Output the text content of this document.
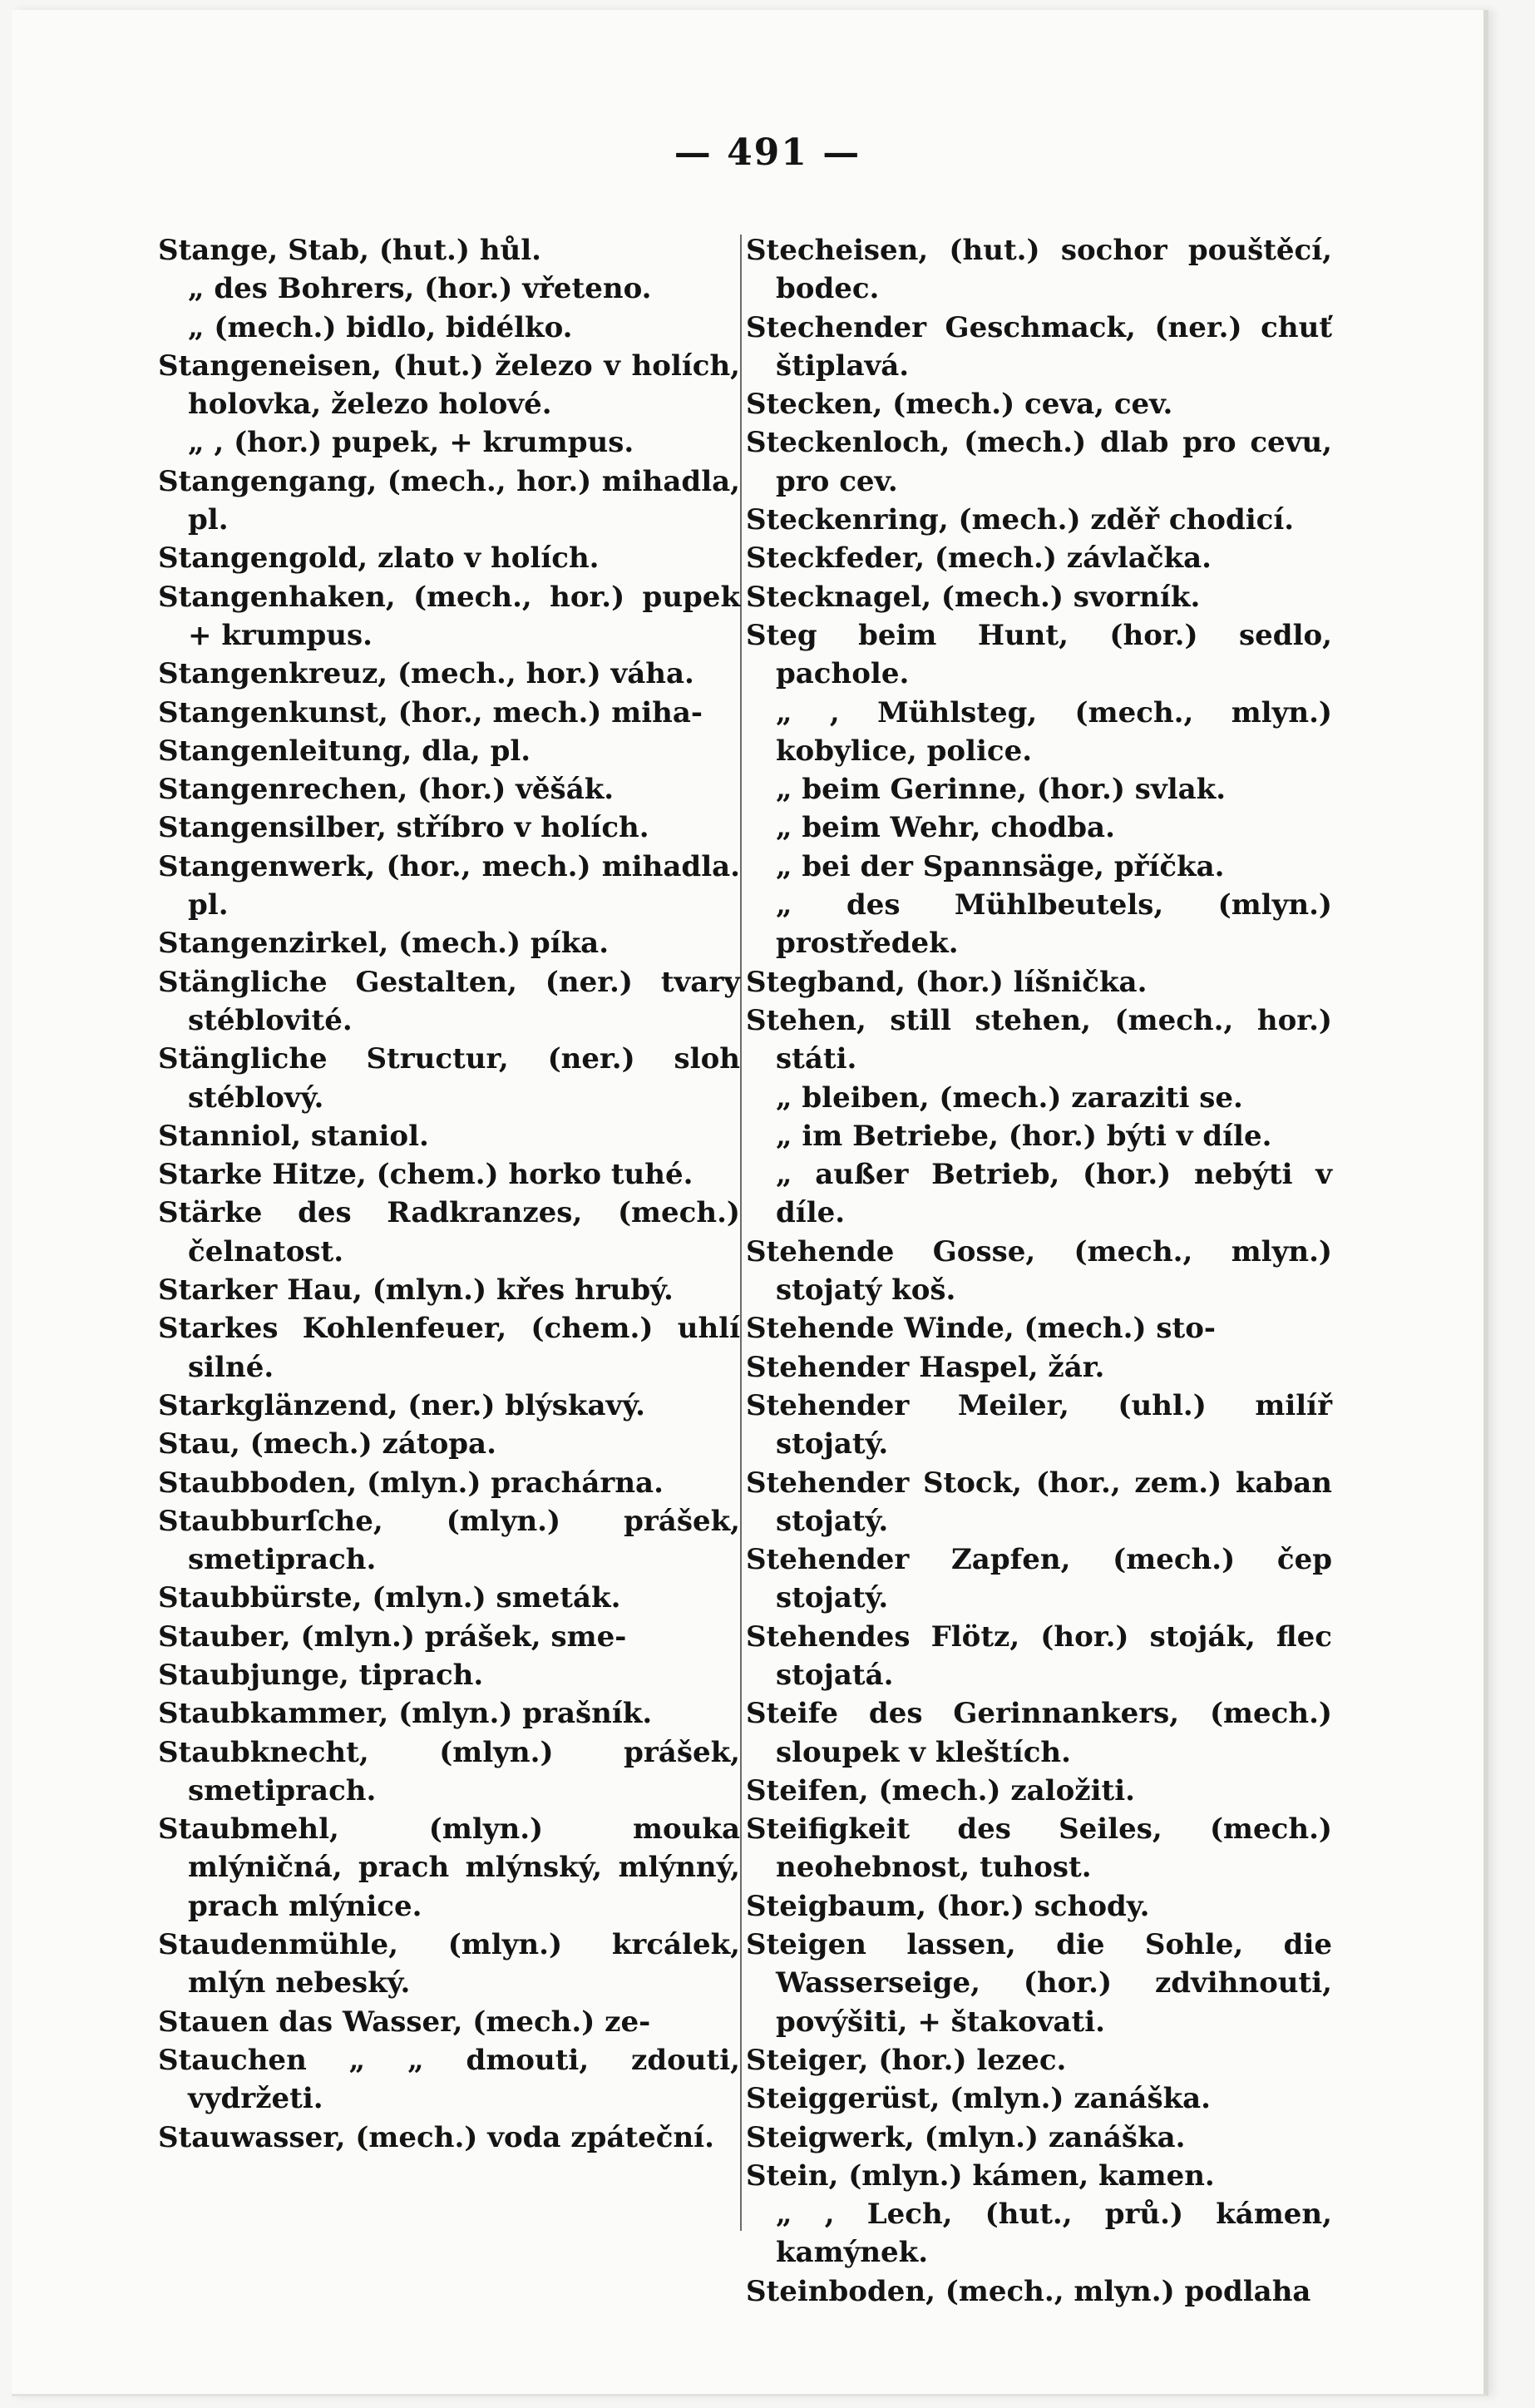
— 491 —

Stange, Stab, (hut.) hůl.

„ des Bohrers, (hor.) vřeteno.

„ (mech.) bidlo, bidélko.

Stangeneisen, (hut.) železo v holích, holovka, železo holové.

„ , (hor.) pupek, + krumpus.

Stangengang, (mech., hor.) mihadla, pl.

Stangengold, zlato v holích.

Stangenhaken, (mech., hor.) pupek + krumpus.

Stangenkreuz, (mech., hor.) váha.

Stangenkunst, (hor., mech.) miha-

Stangenleitung, dla, pl.

Stangenrechen, (hor.) věšák.

Stangensilber, stříbro v holích.

Stangenwerk, (hor., mech.) mihadla. pl.

Stangenzirkel, (mech.) píka.

Stängliche Gestalten, (ner.) tvary stéblovité.

Stängliche Structur, (ner.) sloh stéblový.

Stanniol, staniol.

Starke Hitze, (chem.) horko tuhé.

Stärke des Radkranzes, (mech.) čelnatost.

Starker Hau, (mlyn.) křes hrubý.

Starkes Kohlenfeuer, (chem.) uhlí silné.

Starkglänzend, (ner.) blýskavý.

Stau, (mech.) zátopa.

Staubboden, (mlyn.) prachárna.

Staubburſche, (mlyn.) prášek, smetiprach.

Staubbürste, (mlyn.) smeták.

Stauber, (mlyn.) prášek, sme-

Staubjunge, tiprach.

Staubkammer, (mlyn.) prašník.

Staubknecht, (mlyn.) prášek, smetiprach.

Staubmehl, (mlyn.) mouka mlýničná, prach mlýnský, mlýnný, prach mlýnice.

Staudenmühle, (mlyn.) krcálek, mlýn nebeský.

Stauen das Wasser, (mech.) ze-

Stauchen „ „ dmouti, zdouti, vydržeti.

Stauwasser, (mech.) voda zpáteční.

Stecheisen, (hut.) sochor pouštěcí, bodec.

Stechender Geschmack, (ner.) chuť štiplavá.

Stecken, (mech.) ceva, cev.

Steckenloch, (mech.) dlab pro cevu, pro cev.

Steckenring, (mech.) zděř chodicí.

Steckfeder, (mech.) závlačka.

Stecknagel, (mech.) svorník.

Steg beim Hunt, (hor.) sedlo, pachole.

„ , Mühlsteg, (mech., mlyn.) kobylice, police.

„ beim Gerinne, (hor.) svlak.

„ beim Wehr, chodba.

„ bei der Spannsäge, příčka.

„ des Mühlbeutels, (mlyn.) prostředek.

Stegband, (hor.) líšnička.

Stehen, still stehen, (mech., hor.) státi.

„ bleiben, (mech.) zaraziti se.

„ im Betriebe, (hor.) býti v díle.

„ außer Betrieb, (hor.) nebýti v díle.

Stehende Gosse, (mech., mlyn.) stojatý koš.

Stehende Winde, (mech.) sto-

Stehender Haspel, žár.

Stehender Meiler, (uhl.) milíř stojatý.

Stehender Stock, (hor., zem.) kaban stojatý.

Stehender Zapfen, (mech.) čep stojatý.

Stehendes Flötz, (hor.) stoják, flec stojatá.

Steife des Gerinnankers, (mech.) sloupek v kleštích.

Steifen, (mech.) založiti.

Steifigkeit des Seiles, (mech.) neohebnost, tuhost.

Steigbaum, (hor.) schody.

Steigen lassen, die Sohle, die Wasserseige, (hor.) zdvihnouti, povýšiti, + štakovati.

Steiger, (hor.) lezec.

Steiggerüst, (mlyn.) zanáška.

Steigwerk, (mlyn.) zanáška.

Stein, (mlyn.) kámen, kamen.

„ , Lech, (hut., prů.) kámen, kamýnek.

Steinboden, (mech., mlyn.) podlaha
